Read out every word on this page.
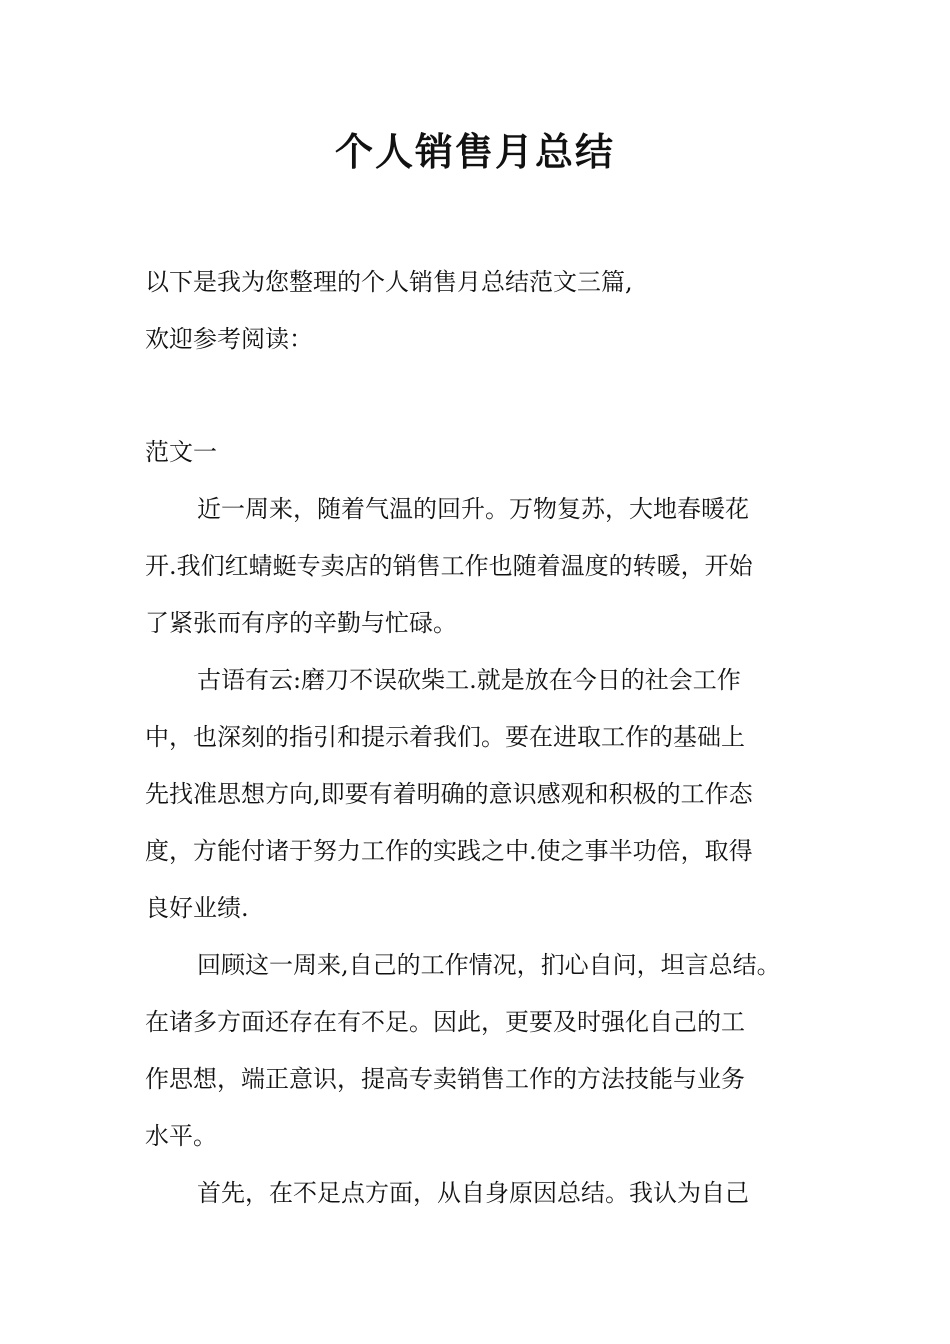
个人销售月总结
以下是我为您整理的个人销售月总结范文三篇,
欢迎参考阅读：
范文一
近一周来，随着气温的回升。万物复苏，大地春暖花
开.我们红蜻蜓专卖店的销售工作也随着温度的转暖，开始
了紧张而有序的辛勤与忙碌。
古语有云:磨刀不误砍柴工.就是放在今日的社会工作
中，也深刻的指引和提示着我们。要在进取工作的基础上
先找准思想方向,即要有着明确的意识感观和积极的工作态
度，方能付诸于努力工作的实践之中.使之事半功倍，取得
良好业绩.
回顾这一周来,自己的工作情况，扪心自问，坦言总结。
在诸多方面还存在有不足。因此，更要及时强化自己的工
作思想，端正意识，提高专卖销售工作的方法技能与业务
水平。
首先，在不足点方面，从自身原因总结。我认为自己
